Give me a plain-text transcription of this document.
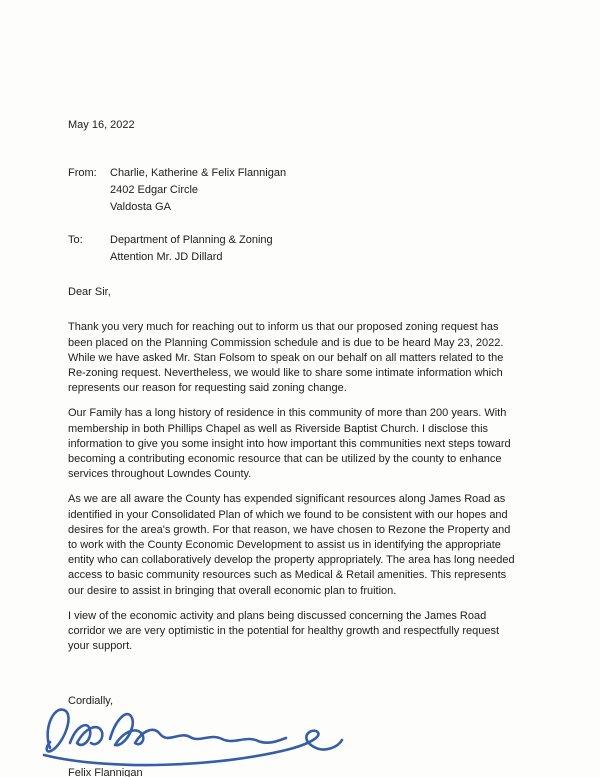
May 16, 2022
From:	Charlie, Katherine & Felix Flannigan
2402 Edgar Circle
Valdosta GA
To:	Department of Planning & Zoning
Attention Mr. JD Dillard
Dear Sir,

Thank you very much for reaching out to inform us that our proposed zoning request has been placed on the Planning Commission schedule and is due to be heard May 23, 2022. While we have asked Mr. Stan Folsom to speak on our behalf on all matters related to the Re-zoning request. Nevertheless, we would like to share some intimate information which represents our reason for requesting said zoning change.

Our Family has a long history of residence in this community of more than 200 years. With membership in both Phillips Chapel as well as Riverside Baptist Church. I disclose this information to give you some insight into how important this communities next steps toward becoming a contributing economic resource that can be utilized by the county to enhance services throughout Lowndes County.

As we are all aware the County has expended significant resources along James Road as identified in your Consolidated Plan of which we found to be consistent with our hopes and desires for the area's growth. For that reason, we have chosen to Rezone the Property and to work with the County Economic Development to assist us in identifying the appropriate entity who can collaboratively develop the property appropriately. The area has long needed access to basic community resources such as Medical & Retail amenities. This represents our desire to assist in bringing that overall economic plan to fruition.

I view of the economic activity and plans being discussed concerning the James Road corridor we are very optimistic in the potential for healthy growth and respectfully request your support.

Cordially,
Felix Flannigan
